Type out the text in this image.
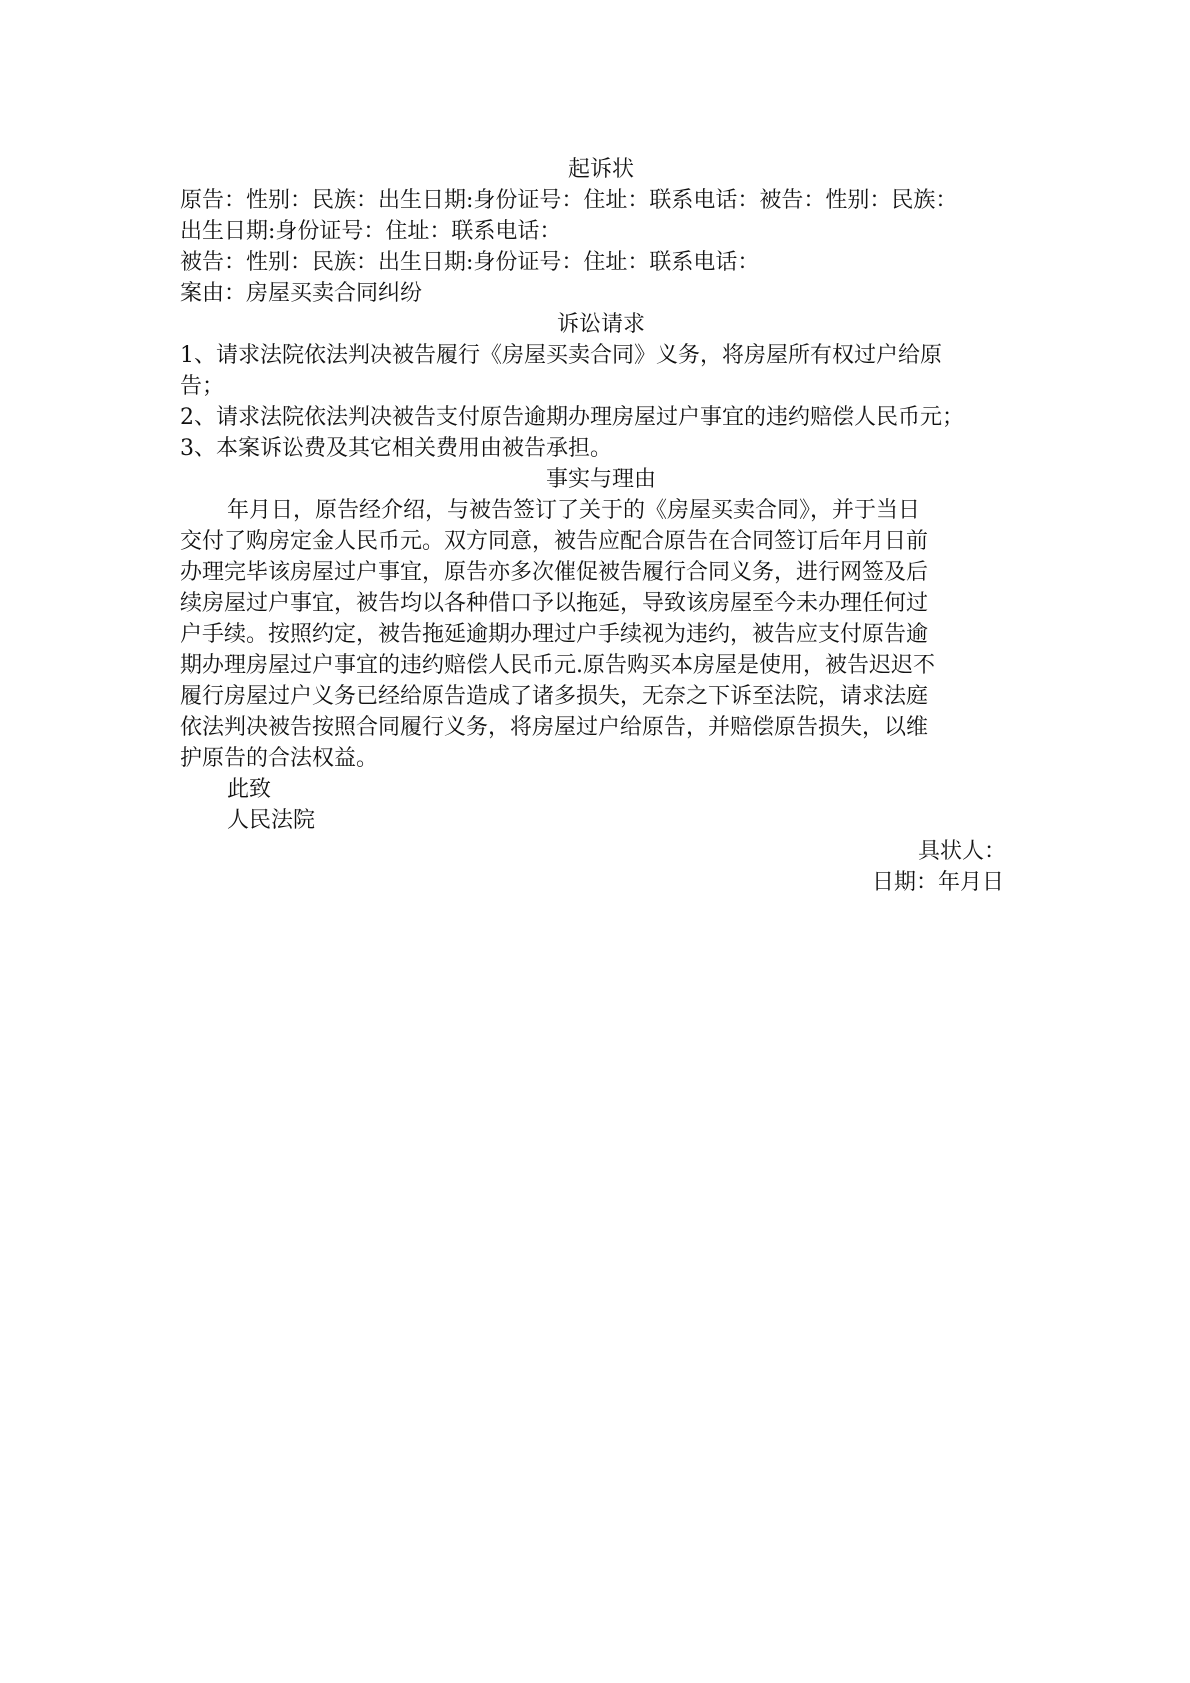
起诉状
原告：性别：民族：出生日期:身份证号：住址：联系电话：被告：性别：民族：
出生日期:身份证号：住址：联系电话：
被告：性别：民族：出生日期:身份证号：住址：联系电话：
案由：房屋买卖合同纠纷
诉讼请求
1、请求法院依法判决被告履行《房屋买卖合同》义务，将房屋所有权过户给原
告；
2、请求法院依法判决被告支付原告逾期办理房屋过户事宜的违约赔偿人民币元；
3、本案诉讼费及其它相关费用由被告承担。
事实与理由
年月日，原告经介绍，与被告签订了关于的《房屋买卖合同》，并于当日
交付了购房定金人民币元。双方同意，被告应配合原告在合同签订后年月日前
办理完毕该房屋过户事宜，原告亦多次催促被告履行合同义务，进行网签及后
续房屋过户事宜，被告均以各种借口予以拖延，导致该房屋至今未办理任何过
户手续。按照约定，被告拖延逾期办理过户手续视为违约，被告应支付原告逾
期办理房屋过户事宜的违约赔偿人民币元.原告购买本房屋是使用，被告迟迟不
履行房屋过户义务已经给原告造成了诸多损失，无奈之下诉至法院，请求法庭
依法判决被告按照合同履行义务，将房屋过户给原告，并赔偿原告损失，以维
护原告的合法权益。
此致
人民法院
具状人：
日期：年月日
